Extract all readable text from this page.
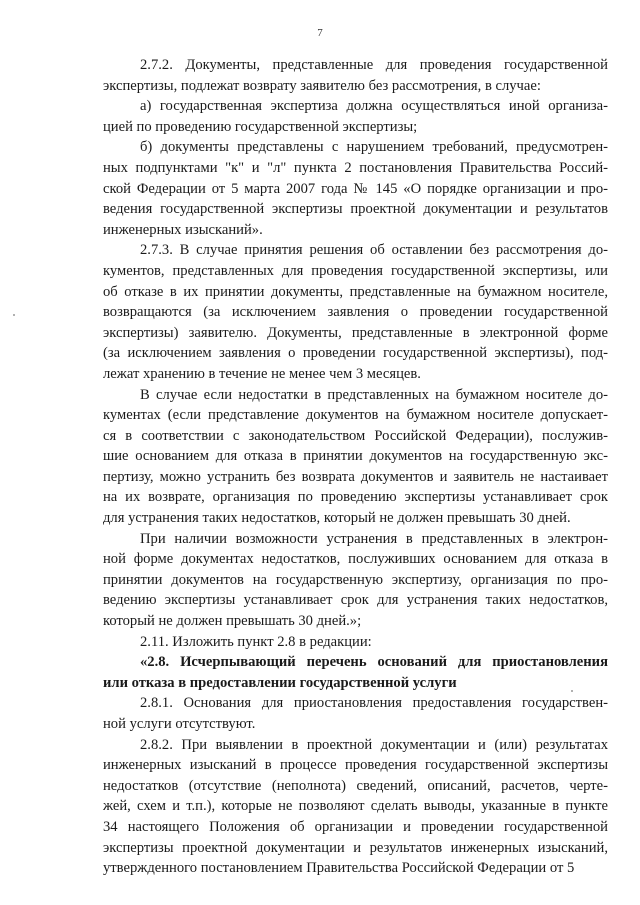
7
2.7.2. Документы, представленные для проведения государственной
экспертизы, подлежат возврату заявителю без рассмотрения, в случае:
а) государственная экспертиза должна осуществляться иной организа-
цией по проведению государственной экспертизы;
б) документы представлены с нарушением требований, предусмотрен-
ных подпунктами "к" и "л" пункта 2 постановления Правительства Россий-
ской Федерации от 5 марта 2007 года № 145 «О порядке организации и про-
ведения государственной экспертизы проектной документации и результатов
инженерных изысканий».
2.7.3. В случае принятия решения об оставлении без рассмотрения до-
кументов, представленных для проведения государственной экспертизы, или
об отказе в их принятии документы, представленные на бумажном носителе,
возвращаются (за исключением заявления о проведении государственной
экспертизы) заявителю. Документы, представленные в электронной форме
(за исключением заявления о проведении государственной экспертизы), под-
лежат хранению в течение не менее чем 3 месяцев.
В случае если недостатки в представленных на бумажном носителе до-
кументах (если представление документов на бумажном носителе допускает-
ся в соответствии с законодательством Российской Федерации), послужив-
шие основанием для отказа в принятии документов на государственную экс-
пертизу, можно устранить без возврата документов и заявитель не настаивает
на их возврате, организация по проведению экспертизы устанавливает срок
для устранения таких недостатков, который не должен превышать 30 дней.
При наличии возможности устранения в представленных в электрон-
ной форме документах недостатков, послуживших основанием для отказа в
принятии документов на государственную экспертизу, организация по про-
ведению экспертизы устанавливает срок для устранения таких недостатков,
который не должен превышать 30 дней.»;
2.11. Изложить пункт 2.8 в редакции:
«2.8. Исчерпывающий перечень оснований для приостановления
или отказа в предоставлении государственной услуги
2.8.1. Основания для приостановления предоставления государствен-
ной услуги отсутствуют.
2.8.2. При выявлении в проектной документации и (или) результатах
инженерных изысканий в процессе проведения государственной экспертизы
недостатков (отсутствие (неполнота) сведений, описаний, расчетов, черте-
жей, схем и т.п.), которые не позволяют сделать выводы, указанные в пункте
34 настоящего Положения об организации и проведении государственной
экспертизы проектной документации и результатов инженерных изысканий,
утвержденного постановлением Правительства Российской Федерации от 5
